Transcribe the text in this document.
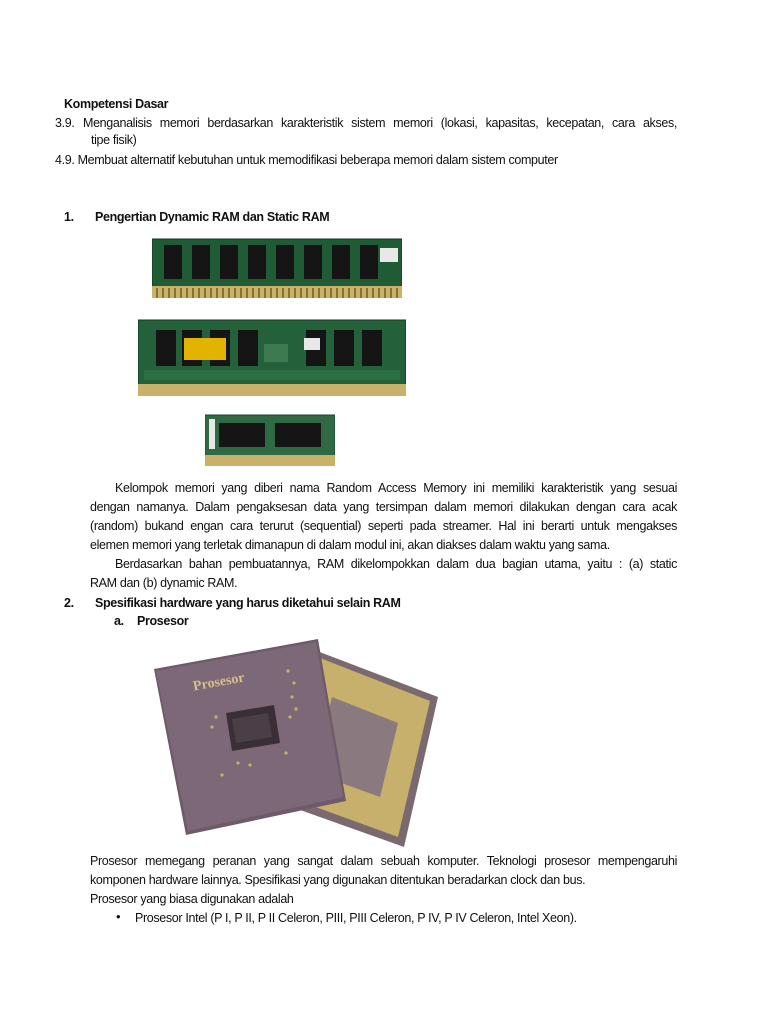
Kompetensi Dasar
3.9. Menganalisis memori berdasarkan karakteristik sistem memori (lokasi, kapasitas, kecepatan, cara akses,
tipe fisik)
4.9. Membuat alternatif kebutuhan untuk memodifikasi beberapa memori dalam sistem computer
1. Pengertian Dynamic RAM dan Static RAM
Kelompok memori yang diberi nama Random Access Memory ini memiliki karakteristik yang sesuai
dengan namanya. Dalam pengaksesan data yang tersimpan dalam memori dilakukan dengan cara acak
(random) bukand engan cara terurut (sequential) seperti pada streamer. Hal ini berarti untuk mengakses
elemen memori yang terletak dimanapun di dalam modul ini, akan diakses dalam waktu yang sama.
Berdasarkan bahan pembuatannya, RAM dikelompokkan dalam dua bagian utama, yaitu : (a) static
RAM dan (b) dynamic RAM.
2. Spesifikasi hardware yang harus diketahui selain RAM
a. Prosesor
Prosesor
Prosesor memegang peranan yang sangat dalam sebuah komputer. Teknologi prosesor mempengaruhi
komponen hardware lainnya. Spesifikasi yang digunakan ditentukan beradarkan clock dan bus.
Prosesor yang biasa digunakan adalah
• Prosesor Intel (P I, P II, P II Celeron, PIII, PIII Celeron, P IV, P IV Celeron, Intel Xeon).
